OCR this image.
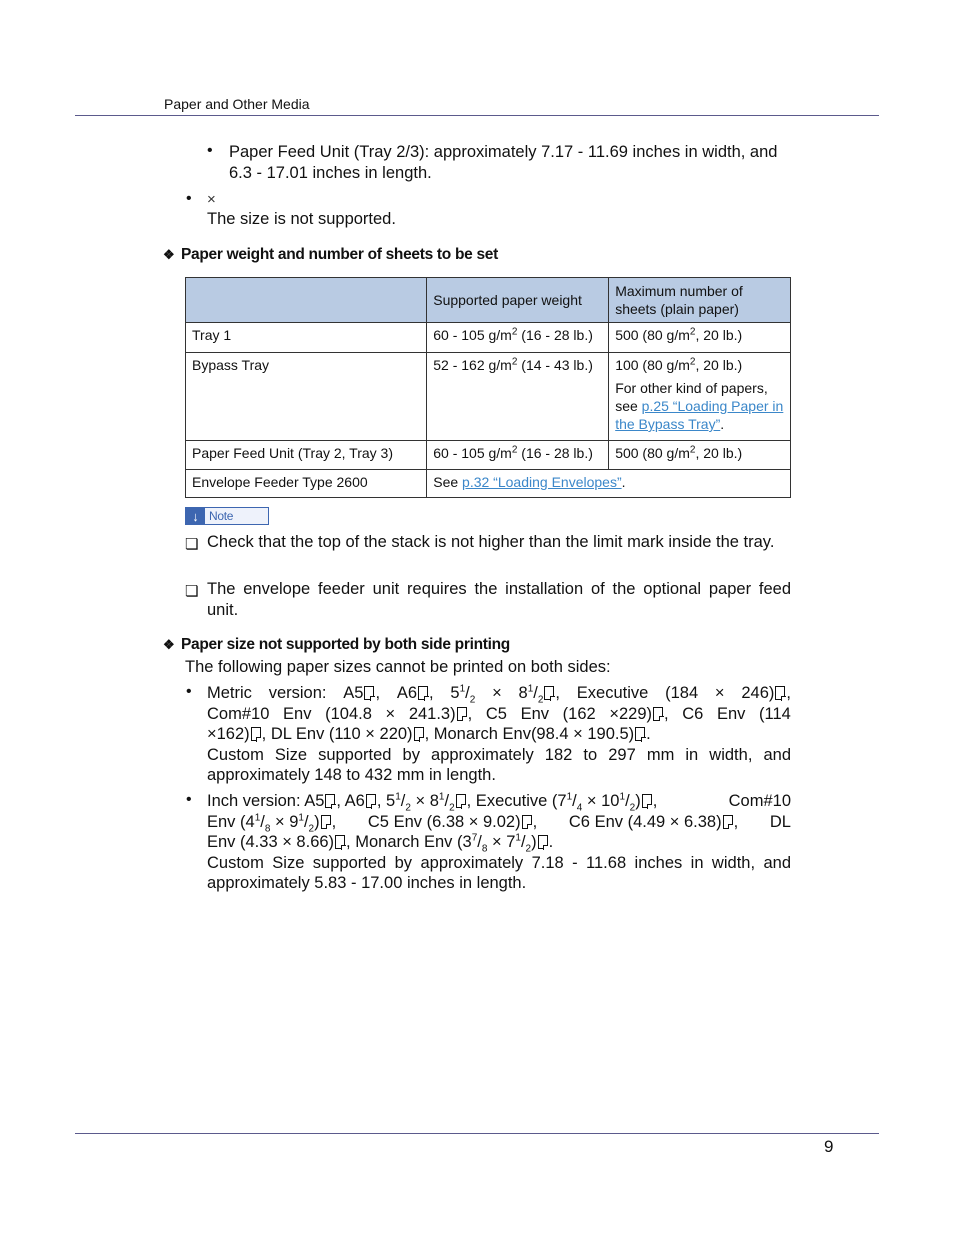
Paper and Other Media
• Paper Feed Unit (Tray 2/3): approximately 7.17 - 11.69 inches in width, and 6.3 - 17.01 inches in length.
• ×
The size is not supported.
❖ Paper weight and number of sheets to be set
	Supported paper weight	Maximum number of sheets (plain paper)
Tray 1	60 - 105 $g/m^2$ (16 - 28 lb.)	500 (80 $g/m^2$, 20 lb.)
Bypass Tray	52 - 162 $g/m^2$ (14 - 43 lb.)	100 (80 $g/m^2$, 20 lb.)
For other kind of papers, see p.25 “Loading Paper in the Bypass Tray”.

Paper Feed Unit (Tray 2, Tray 3)	60 - 105 $g/m^2$ (16 - 28 lb.)	500 (80 $g/m^2$, 20 lb.)
Envelope Feeder Type 2600	See p.32 “Loading Envelopes”.	
↓ Note
❏ Check that the top of the stack is not higher than the limit mark inside the tray.
❏ The envelope feeder unit requires the installation of the optional paper feed unit.
❖ Paper size not supported by both side printing
The following paper sizes cannot be printed on both sides:
• Metric version: A5 , A6 , $5^1/_2 \times 8^1/_2$ , Executive (184 × 246) ,
Com#10 Env (104.8 × 241.3) , C5 Env (162 ×229) , C6 Env (114
×162) , DL Env (110 × 220) , Monarch Env(98.4 × 190.5) .
Custom Size supported by approximately 182 to 297 mm in width, and approximately 148 to 432 mm in length.
• Inch version: A5 , A6 , $5^1/_2 \times 8^1/_2$ , Executive $(7^1/_4 \times 10^1/_2)$ ,	Com#10
Env $(4^1/_8 \times 9^1/_2)$ , C5 Env (6.38 × 9.02) , C6 Env (4.49 × 6.38) , DL
Env (4.33 × 8.66) , Monarch Env $(3^7/_8 \times 7^1/_2)$ .
Custom Size supported by approximately 7.18 - 11.68 inches in width, and approximately 5.83 - 17.00 inches in length.
9
